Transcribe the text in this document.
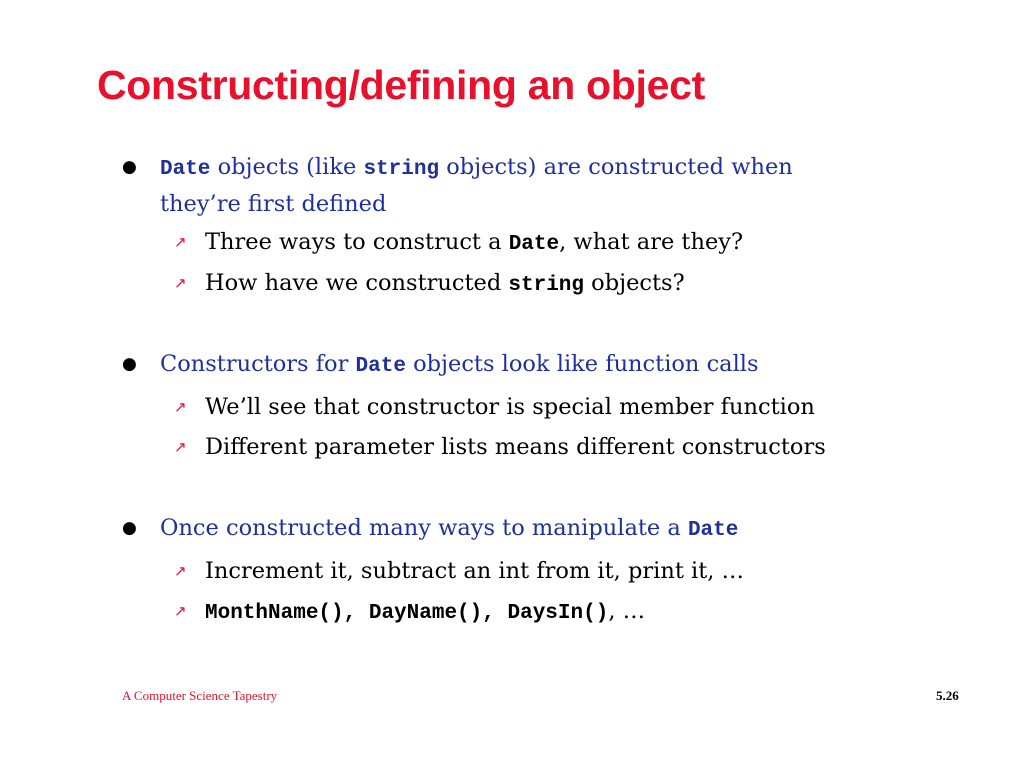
Constructing/defining an object
● Date objects (like string objects) are constructed when
they’re first defined
↗ Three ways to construct a Date, what are they?
↗ How have we constructed string objects?
● Constructors for Date objects look like function calls
↗ We’ll see that constructor is special member function
↗ Different parameter lists means different constructors
● Once constructed many ways to manipulate a Date
↗ Increment it, subtract an int from it, print it, …
↗ MonthName(), DayName(), DaysIn(), …
A Computer Science Tapestry	5.26
